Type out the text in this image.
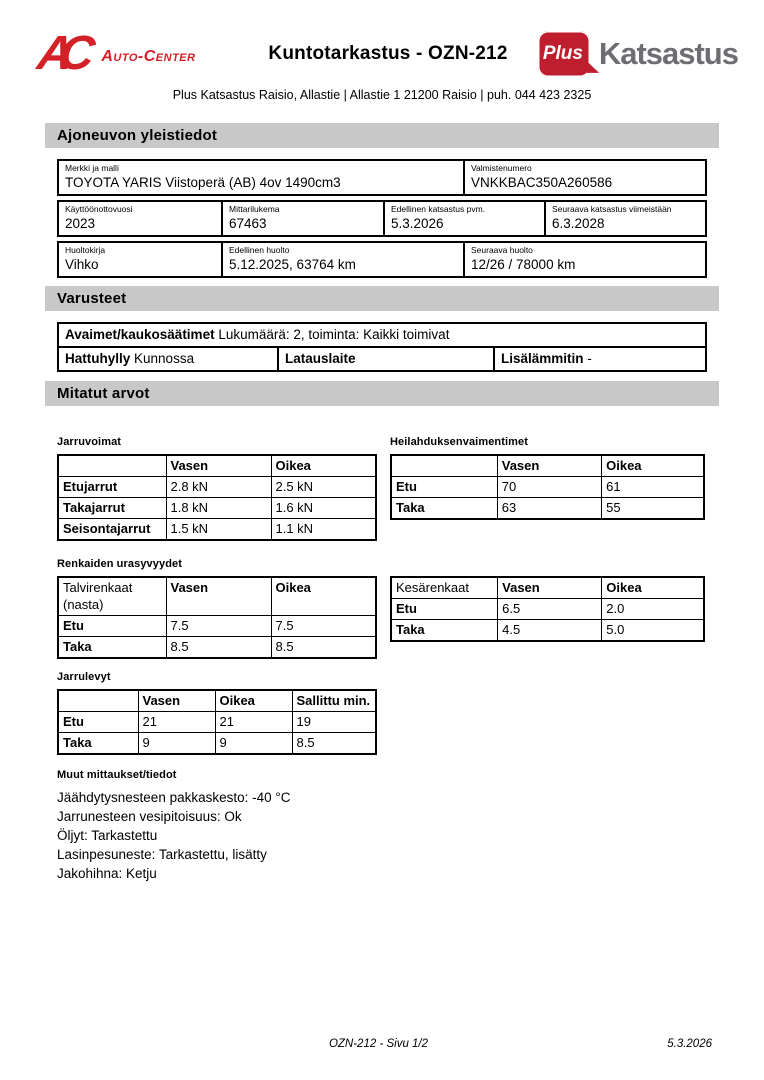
AC	Auto-Center	Kuntotarkastus - OZN-212	Plus Katsastus
Plus Katsastus Raisio, Allastie | Allastie 1 21200 Raisio | puh. 044 423 2325
Ajoneuvon yleistiedot
Merkki ja malli
TOYOTA YARIS Viistoperä (AB) 4ov 1490cm3
Valmistenumero
VNKKBAC350A260586
Käyttöönottovuosi
2023
Mittarilukema
67463
Edellinen katsastus pvm.
5.3.2026
Seuraava katsastus viimeistään
6.3.2028
Huoltokirja
Vihko
Edellinen huolto
5.12.2025, 63764 km
Seuraava huolto
12/26 / 78000 km
Varusteet
Avaimet/kaukosäätimet Lukumäärä: 2, toiminta: Kaikki toimivat
Hattuhylly Kunnossa	Latauslaite	Lisälämmitin -
Mitatut arvot
Jarruvoimat
	Vasen	Oikea
Etujarrut	2.8 kN	2.5 kN
Takajarrut	1.8 kN	1.6 kN
Seisontajarrut	1.5 kN	1.1 kN
Heilahduksenvaimentimet
	Vasen	Oikea
Etu	70	61
Taka	63	55
Renkaiden urasyvyydet
Talvirenkaat (nasta)	Vasen	Oikea
Etu	7.5	7.5
Taka	8.5	8.5
Kesärenkaat	Vasen	Oikea
Etu	6.5	2.0
Taka	4.5	5.0
Jarrulevyt
	Vasen	Oikea	Sallittu min.
Etu	21	21	19
Taka	9	9	8.5
Muut mittaukset/tiedot
Jäähdytysnesteen pakkaskesto: -40 °C
Jarrunesteen vesipitoisuus: Ok
Öljyt: Tarkastettu
Lasinpesuneste: Tarkastettu, lisätty
Jakohihna: Ketju
OZN-212 - Sivu 1/2	5.3.2026
